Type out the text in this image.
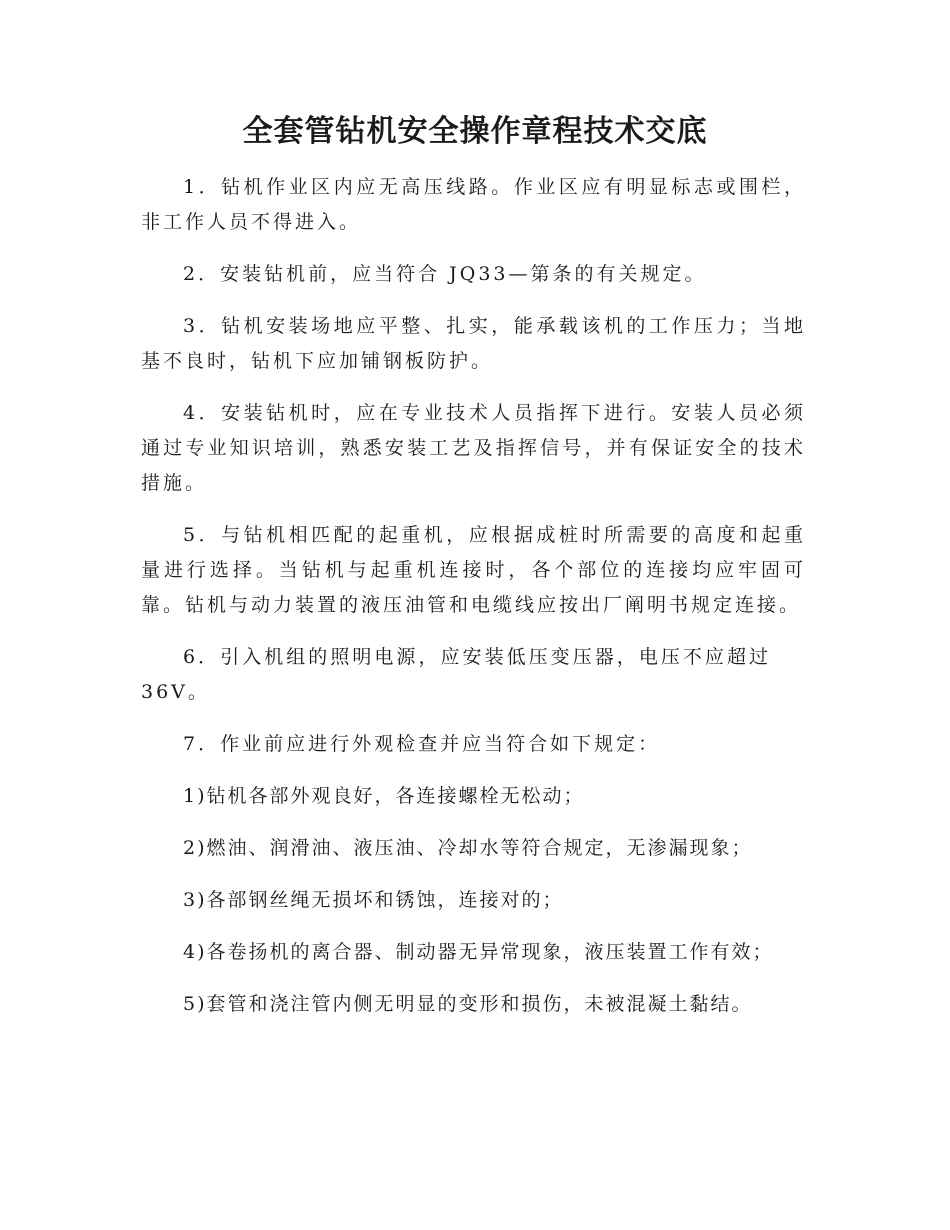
全套管钻机安全操作章程技术交底

1．钻机作业区内应无高压线路。作业区应有明显标志或围栏，非工作人员不得进入。

2．安装钻机前，应当符合 JQ33—第条的有关规定。

3．钻机安装场地应平整、扎实，能承载该机的工作压力；当地基不良时，钻机下应加铺钢板防护。

4．安装钻机时，应在专业技术人员指挥下进行。安装人员必须通过专业知识培训，熟悉安装工艺及指挥信号，并有保证安全的技术措施。

5．与钻机相匹配的起重机，应根据成桩时所需要的高度和起重量进行选择。当钻机与起重机连接时，各个部位的连接均应牢固可靠。钻机与动力装置的液压油管和电缆线应按出厂阐明书规定连接。

6．引入机组的照明电源，应安装低压变压器，电压不应超过36V。

7．作业前应进行外观检查并应当符合如下规定：

1)钻机各部外观良好，各连接螺栓无松动；

2)燃油、润滑油、液压油、冷却水等符合规定，无渗漏现象；

3)各部钢丝绳无损坏和锈蚀，连接对的；

4)各卷扬机的离合器、制动器无异常现象，液压装置工作有效；

5)套管和浇注管内侧无明显的变形和损伤，未被混凝土黏结。
